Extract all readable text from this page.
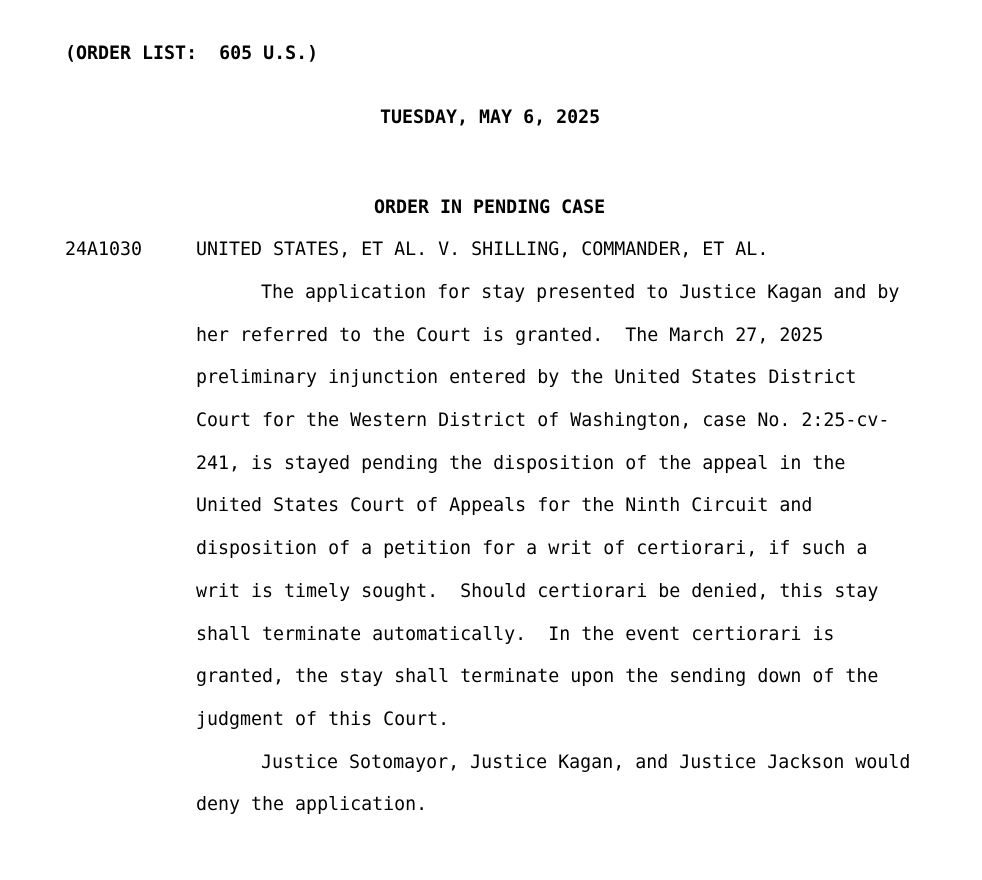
(ORDER LIST:  605 U.S.)
TUESDAY, MAY 6, 2025
ORDER IN PENDING CASE
24A1030	UNITED STATES, ET AL. V. SHILLING, COMMANDER, ET AL.
The application for stay presented to Justice Kagan and by
her referred to the Court is granted.  The March 27, 2025
preliminary injunction entered by the United States District
Court for the Western District of Washington, case No. 2:25-cv-
241, is stayed pending the disposition of the appeal in the
United States Court of Appeals for the Ninth Circuit and
disposition of a petition for a writ of certiorari, if such a
writ is timely sought.  Should certiorari be denied, this stay
shall terminate automatically.  In the event certiorari is
granted, the stay shall terminate upon the sending down of the
judgment of this Court.
Justice Sotomayor, Justice Kagan, and Justice Jackson would
deny the application.
